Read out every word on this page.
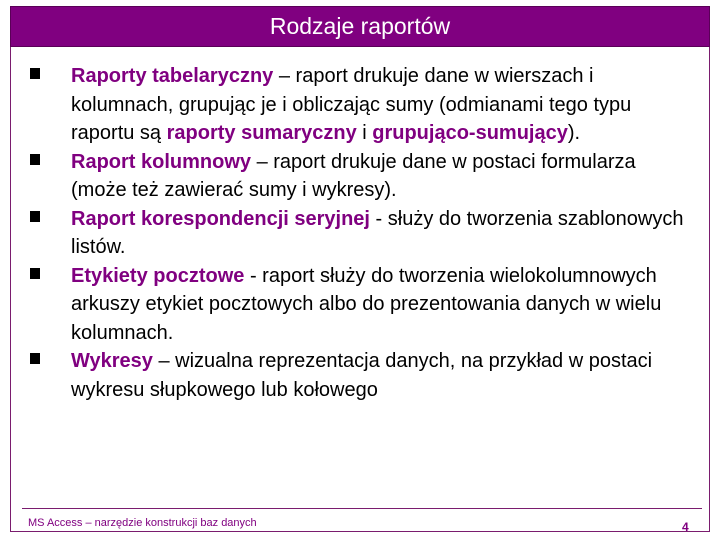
Rodzaje raportów
Raporty tabelaryczny – raport drukuje dane w wierszach i kolumnach, grupując je i obliczając sumy (odmianami tego typu raportu są raporty sumaryczny i grupująco-sumujący).
Raport kolumnowy – raport drukuje dane w postaci formularza (może też zawierać sumy i wykresy).
Raport korespondencji seryjnej - służy do tworzenia szablonowych listów.
Etykiety pocztowe - raport służy do tworzenia wielokolumnowych arkuszy etykiet pocztowych albo do prezentowania danych w wielu kolumnach.
Wykresy – wizualna reprezentacja danych, na przykład w postaci wykresu słupkowego lub kołowego
MS Access – narzędzie konstrukcji baz danych	4
